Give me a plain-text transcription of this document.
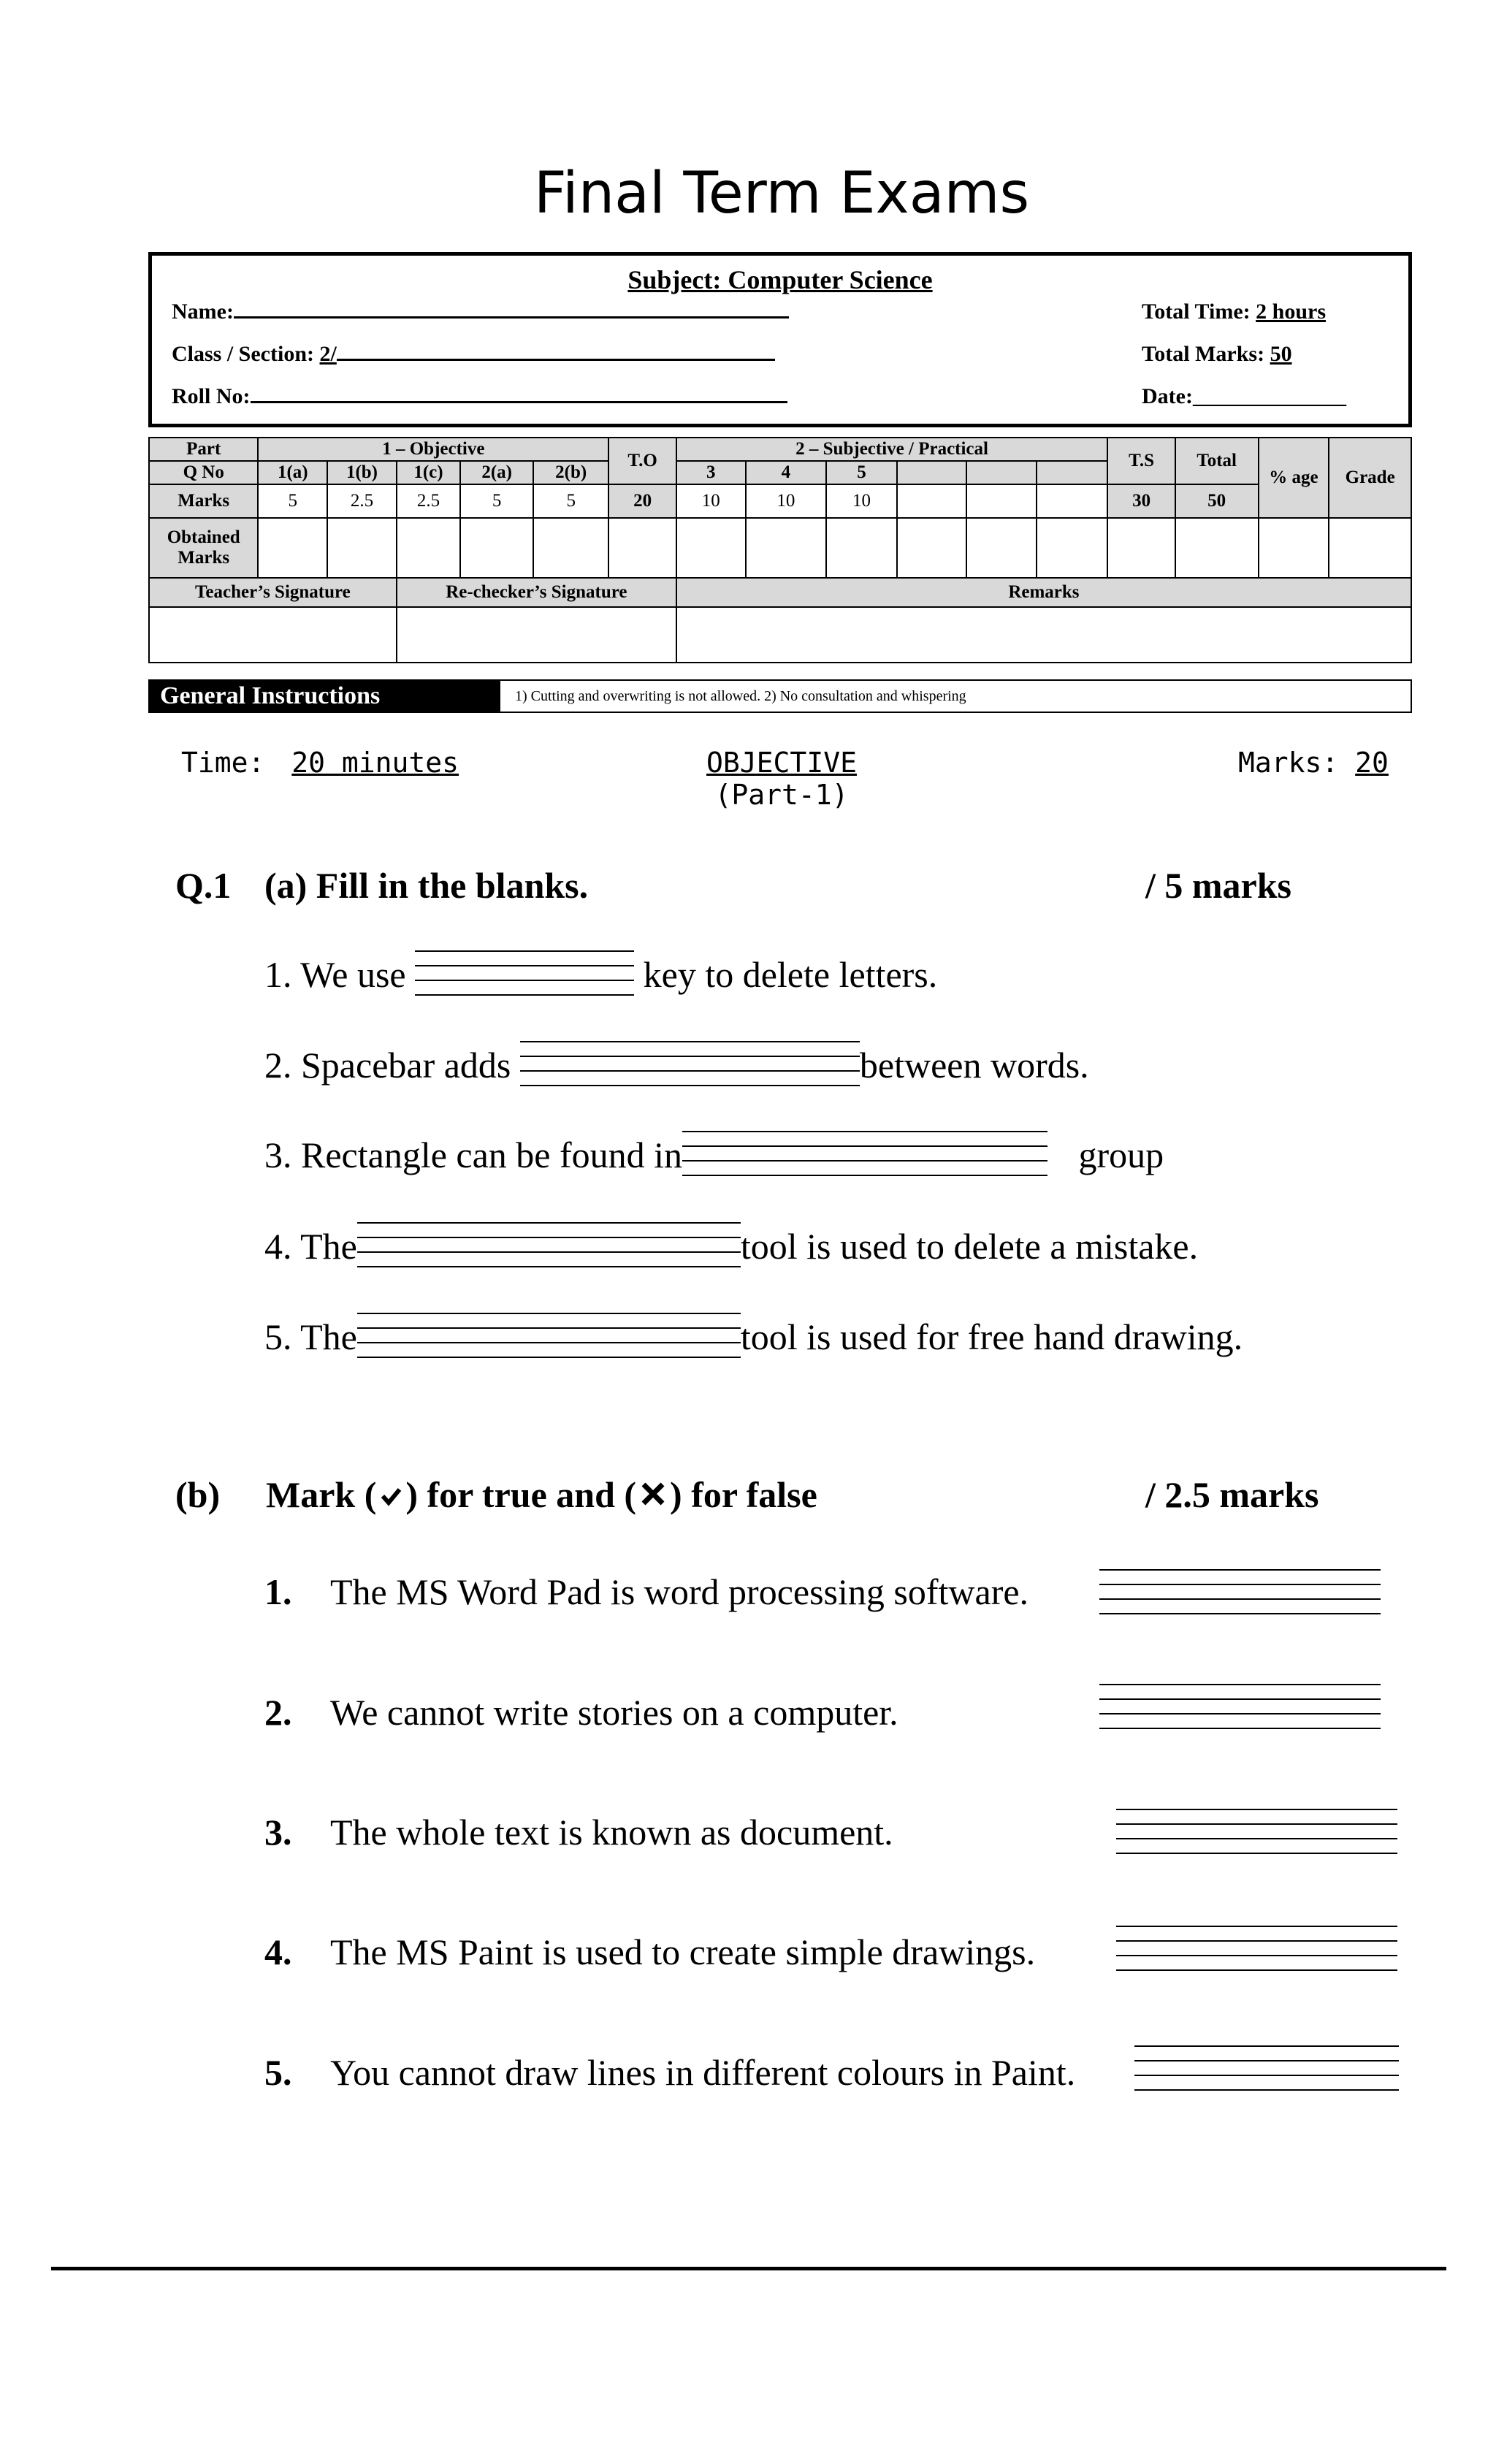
Final Term Exams
Subject: Computer Science
Name:
Class / Section: 2/
Roll No:
Total Time: 2 hours
Total Marks: 50
Date:______________
Part	1 – Objective					T.O	2 – Subjective / Practical						T.S	Total	% age	Grade
Q No	1(a)	1(b)	1(c)	2(a)	2(b)		3	4	5							
Marks	5	2.5	2.5	5	5	20	10	10	10				30	50		
Obtained Marks																
Teacher’s Signature			Re-checker’s Signature				Remarks									

General Instructions	1) Cutting and overwriting is not allowed. 2) No consultation and whispering
Time: 20 minutes	OBJECTIVE
(Part-1)
Marks: 20
Q.1 (a) Fill in the blanks.	/ 5 marks
1. We use	key to delete letters.
2. Spacebar adds	between words.
3. Rectangle can be found in	group
4. The	tool is used to delete a mistake.
5. The	tool is used for free hand drawing.
(b) Mark ( ) for true and ( ) for false	/ 2.5 marks
1. The MS Word Pad is word processing software.
2. We cannot write stories on a computer.
3. The whole text is known as document.
4. The MS Paint is used to create simple drawings.
5. You cannot draw lines in different colours in Paint.
